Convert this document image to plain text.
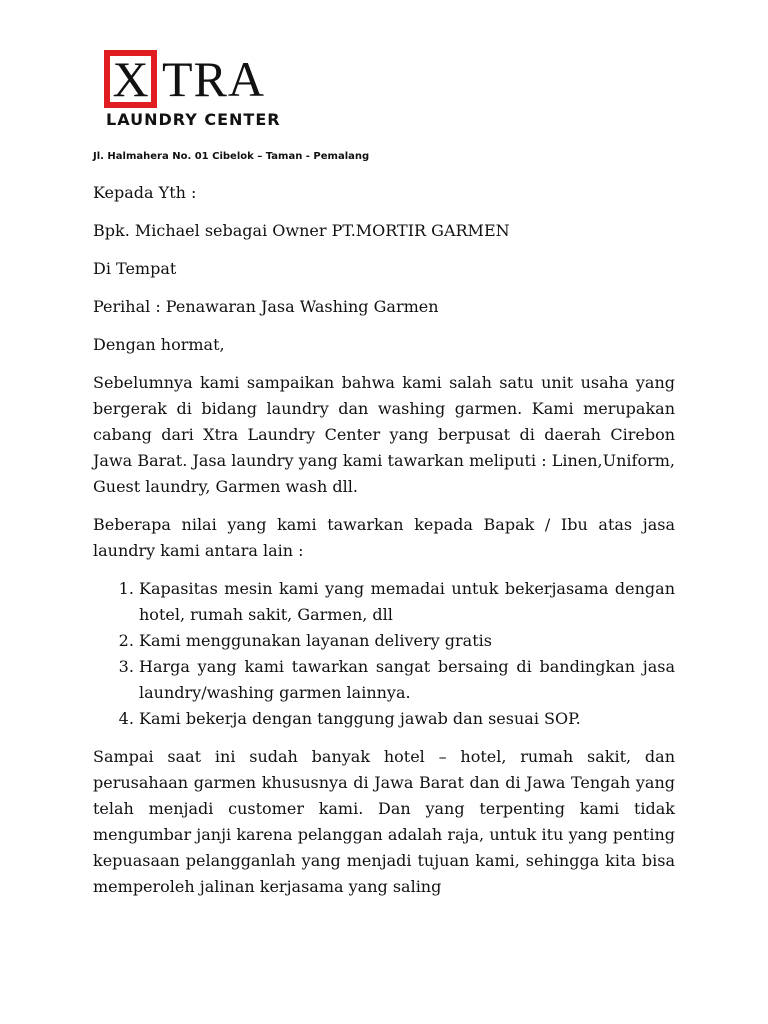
X TRA
LAUNDRY CENTER
Jl. Halmahera No. 01 Cibelok – Taman - Pemalang

Kepada Yth :

Bpk. Michael sebagai Owner PT.MORTIR GARMEN

Di Tempat

Perihal : Penawaran Jasa Washing Garmen

Dengan hormat,

Sebelumnya kami sampaikan bahwa kami salah satu unit usaha yang bergerak di bidang laundry dan washing garmen. Kami merupakan cabang dari Xtra Laundry Center yang berpusat di daerah Cirebon Jawa Barat. Jasa laundry yang kami tawarkan meliputi : Linen,Uniform, Guest laundry, Garmen wash dll.

Beberapa nilai yang kami tawarkan kepada Bapak / Ibu atas jasa laundry kami antara lain :

1. Kapasitas mesin kami yang memadai untuk bekerjasama dengan hotel, rumah sakit, Garmen, dll
2. Kami menggunakan layanan delivery gratis
3. Harga yang kami tawarkan sangat bersaing di bandingkan jasa laundry/washing garmen lainnya.
4. Kami bekerja dengan tanggung jawab dan sesuai SOP.

Sampai saat ini sudah banyak hotel – hotel, rumah sakit, dan perusahaan garmen khususnya di Jawa Barat dan di Jawa Tengah yang telah menjadi customer kami. Dan yang terpenting kami tidak mengumbar janji karena pelanggan adalah raja, untuk itu yang penting kepuasaan pelangganlah yang menjadi tujuan kami, sehingga kita bisa memperoleh jalinan kerjasama yang saling
